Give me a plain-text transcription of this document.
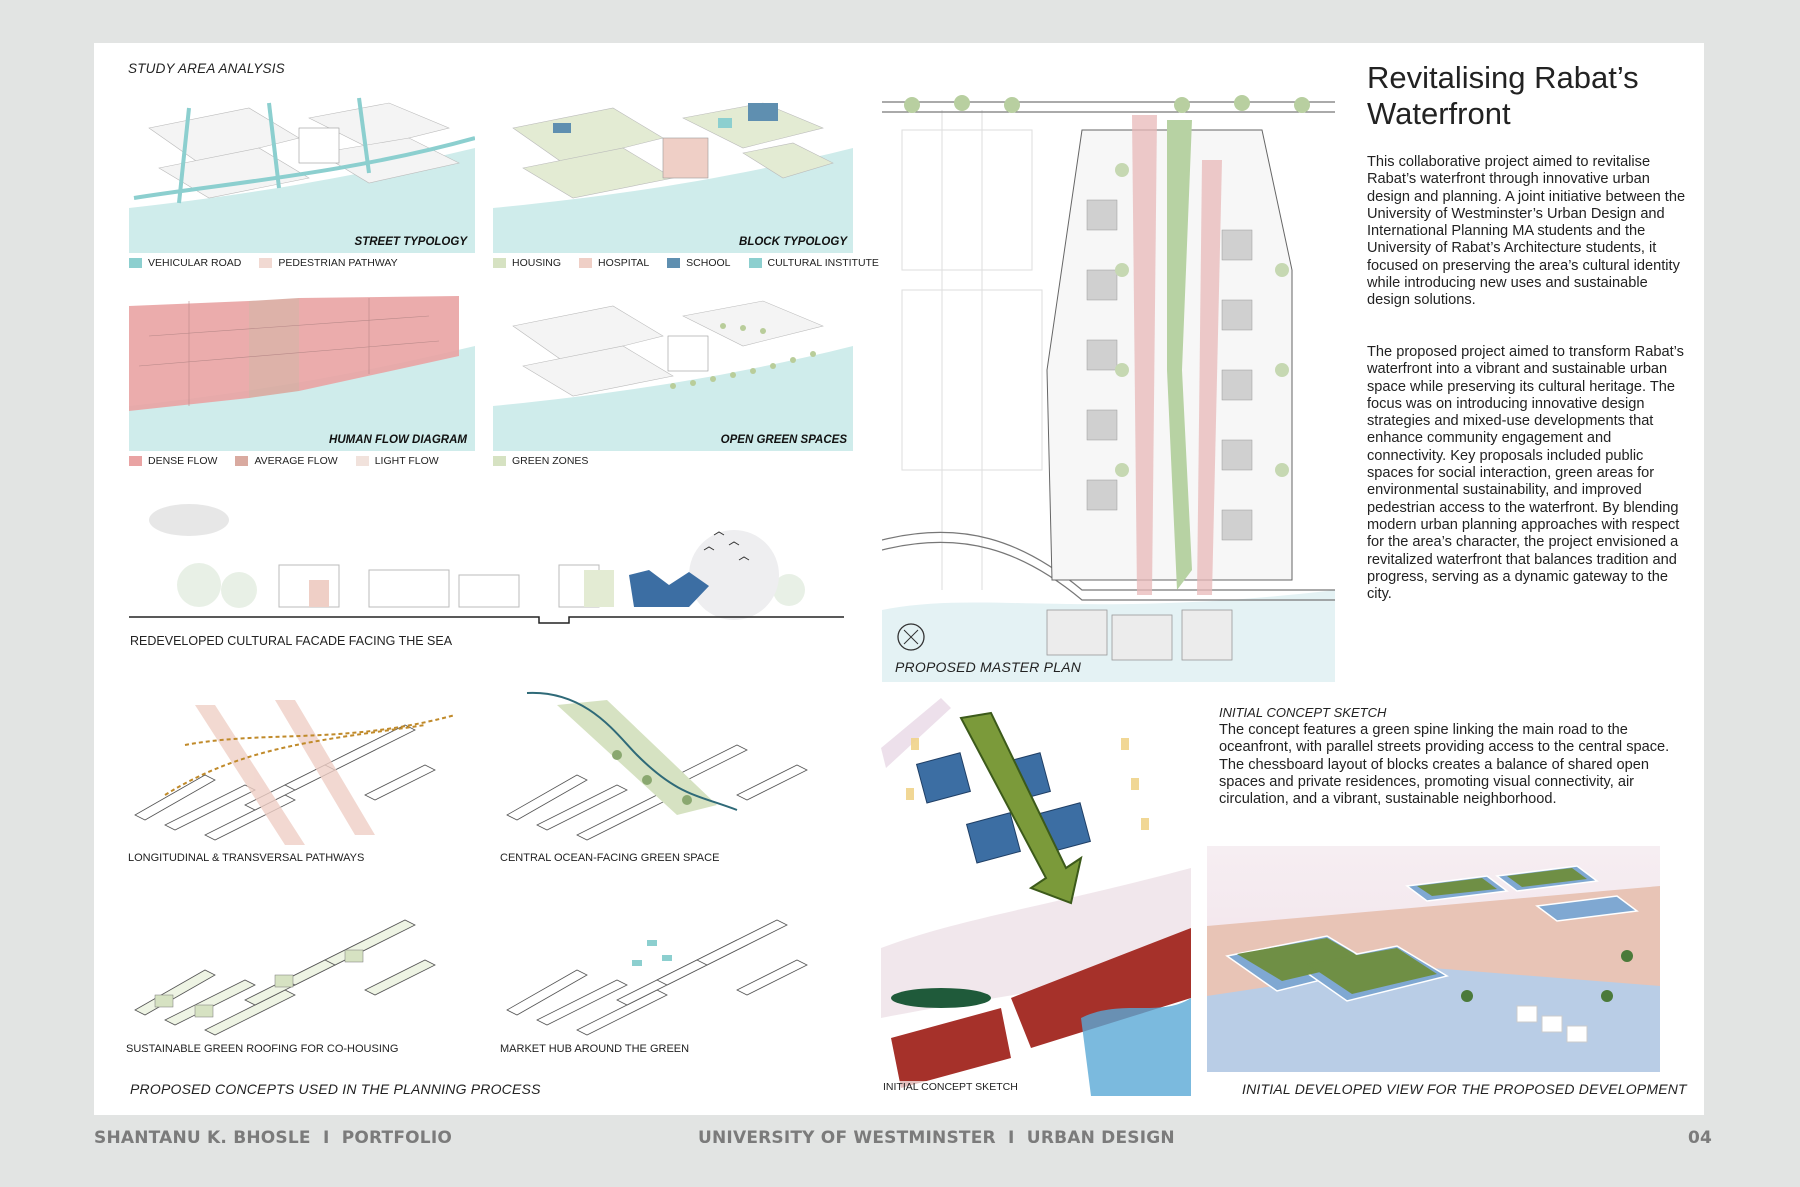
STUDY AREA ANALYSIS
STREET TYPOLOGY
VEHICULAR ROAD	PEDESTRIAN PATHWAY
BLOCK TYPOLOGY
HOUSING	HOSPITAL	SCHOOL	CULTURAL INSTITUTE
HUMAN FLOW DIAGRAM
DENSE FLOW	AVERAGE FLOW	LIGHT FLOW
OPEN GREEN SPACES
GREEN ZONES
REDEVELOPED CULTURAL FACADE FACING THE SEA
LONGITUDINAL & TRANSVERSAL PATHWAYS	CENTRAL OCEAN-FACING GREEN SPACE
SUSTAINABLE GREEN ROOFING FOR CO-HOUSING	MARKET HUB AROUND THE GREEN
PROPOSED CONCEPTS USED IN THE PLANNING PROCESS
PROPOSED MASTER PLAN
Revitalising Rabat’s Waterfront
This collaborative project aimed to revitalise Rabat’s waterfront through innovative urban design and planning. A joint initiative between the University of Westminster’s Urban Design and International Planning MA students and the University of Rabat’s Architecture students, it focused on preserving the area’s cultural identity while introducing new uses and sustainable design solutions.
The proposed project aimed to transform Rabat’s waterfront into a vibrant and sustainable urban space while preserving its cultural heritage. The focus was on introducing innovative design strategies and mixed-use developments that enhance community engagement and connectivity. Key proposals included public spaces for social interaction, green areas for environmental sustainability, and improved pedestrian access to the waterfront. By blending modern urban planning approaches with respect for the area’s character, the project envisioned a revitalized waterfront that balances tradition and progress, serving as a dynamic gateway to the city.
INITIAL CONCEPT SKETCH
INITIAL CONCEPT SKETCH
The concept features a green spine linking the main road to the oceanfront, with parallel streets providing access to the central space. The chessboard layout of blocks creates a balance of shared open spaces and private residences, promoting visual connectivity, air circulation, and a vibrant, sustainable neighborhood.
INITIAL DEVELOPED VIEW FOR THE PROPOSED DEVELOPMENT
SHANTANU K. BHOSLE  I  PORTFOLIO	UNIVERSITY OF WESTMINSTER  I  URBAN DESIGN	04
